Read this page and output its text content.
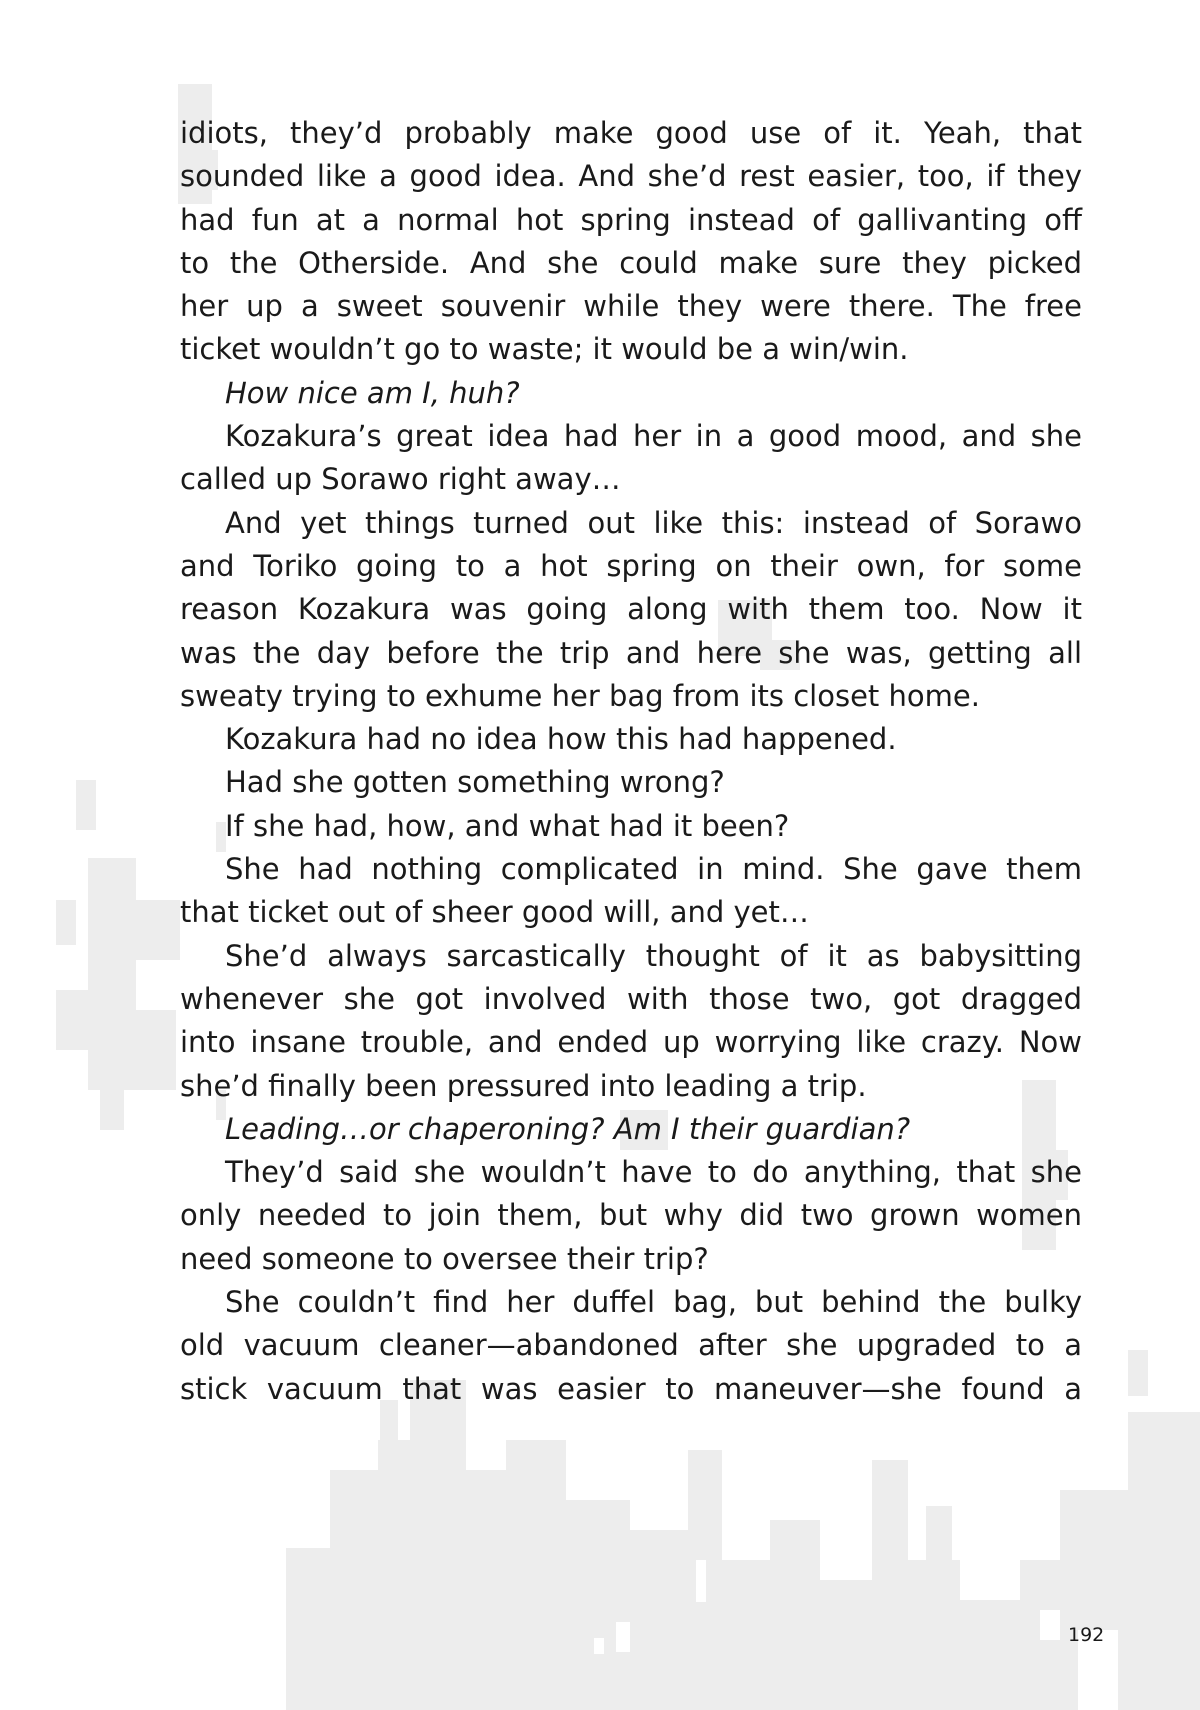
idiots, they’d probably make good use of it. Yeah, that
sounded like a good idea. And she’d rest easier, too, if they
had fun at a normal hot spring instead of gallivanting off
to the Otherside. And she could make sure they picked
her up a sweet souvenir while they were there. The free
ticket wouldn’t go to waste; it would be a win/win.
How nice am I, huh?
Kozakura’s great idea had her in a good mood, and she
called up Sorawo right away…
And yet things turned out like this: instead of Sorawo
and Toriko going to a hot spring on their own, for some
reason Kozakura was going along with them too. Now it
was the day before the trip and here she was, getting all
sweaty trying to exhume her bag from its closet home.
Kozakura had no idea how this had happened.
Had she gotten something wrong?
If she had, how, and what had it been?
She had nothing complicated in mind. She gave them
that ticket out of sheer good will, and yet…
She’d always sarcastically thought of it as babysitting
whenever she got involved with those two, got dragged
into insane trouble, and ended up worrying like crazy. Now
she’d finally been pressured into leading a trip.
Leading…or chaperoning? Am I their guardian?
They’d said she wouldn’t have to do anything, that she
only needed to join them, but why did two grown women
need someone to oversee their trip?
She couldn’t find her duffel bag, but behind the bulky
old vacuum cleaner—abandoned after she upgraded to a
stick vacuum that was easier to maneuver—she found a
192
